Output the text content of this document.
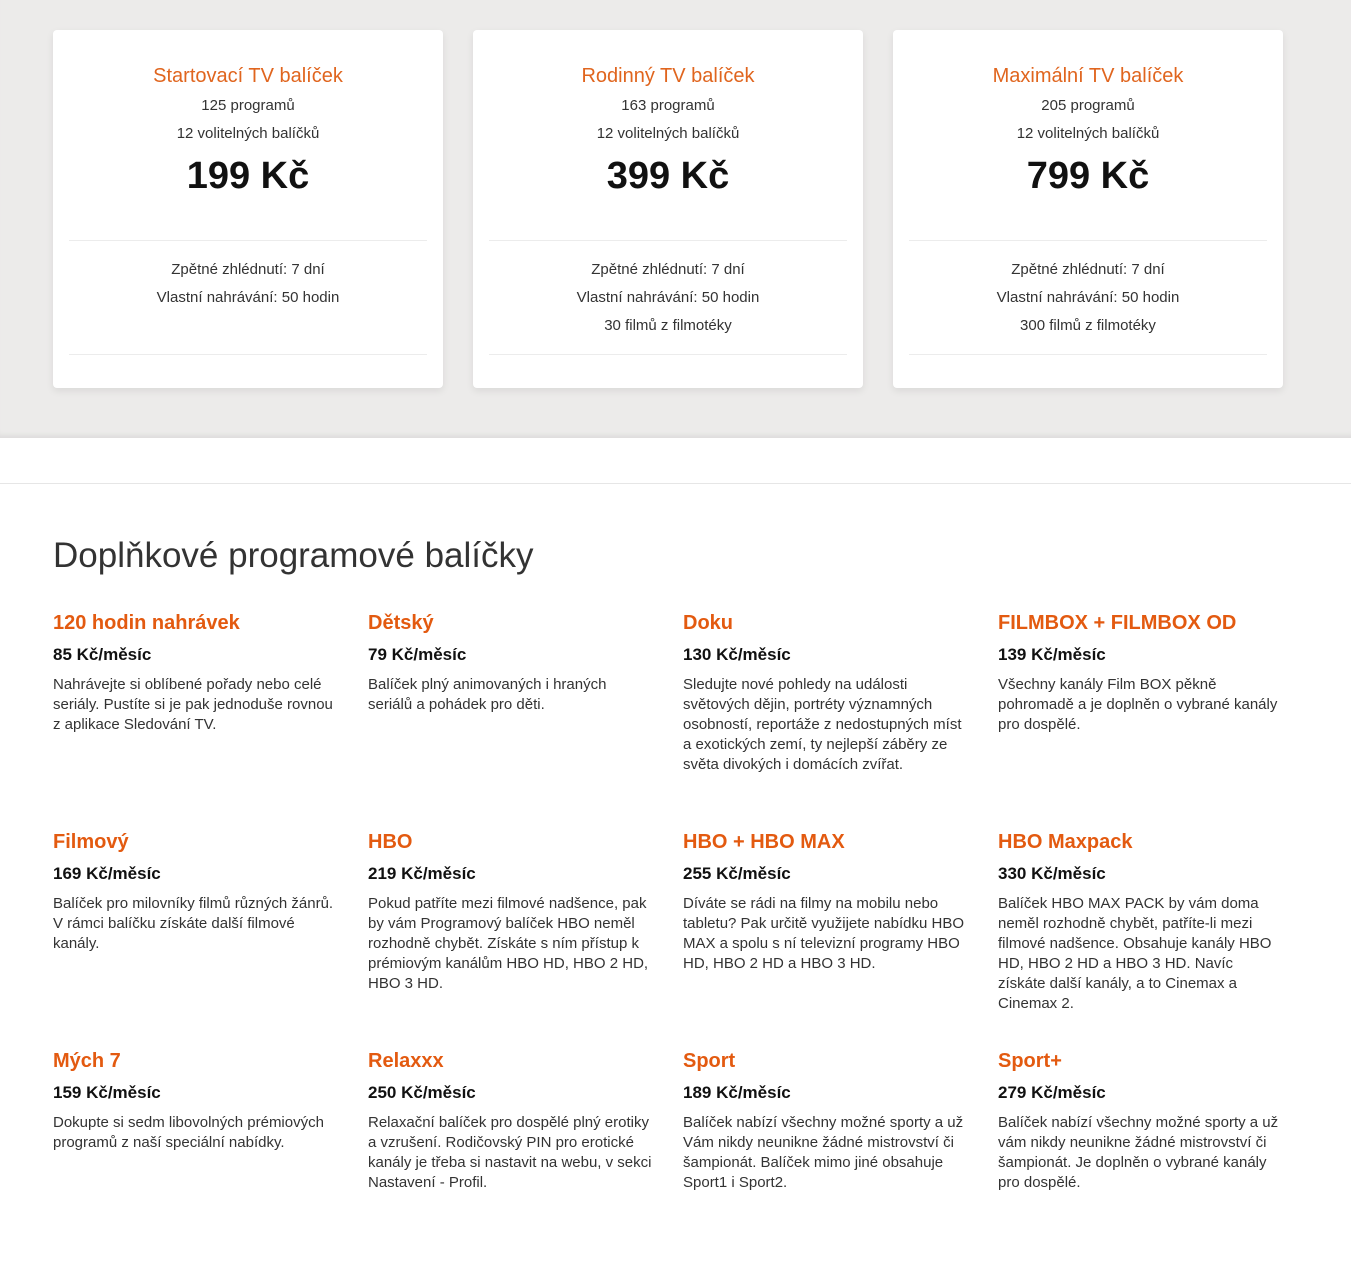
Startovací TV balíček
125 programů
12 volitelných balíčků
199 Kč
Zpětné zhlédnutí: 7 dní
Vlastní nahrávání: 50 hodin
Rodinný TV balíček
163 programů
12 volitelných balíčků
399 Kč
Zpětné zhlédnutí: 7 dní
Vlastní nahrávání: 50 hodin
30 filmů z filmotéky
Maximální TV balíček
205 programů
12 volitelných balíčků
799 Kč
Zpětné zhlédnutí: 7 dní
Vlastní nahrávání: 50 hodin
300 filmů z filmotéky
Doplňkové programové balíčky
120 hodin nahrávek
85 Kč/měsíc
Nahrávejte si oblíbené pořady nebo celé seriály. Pustíte si je pak jednoduše rovnou z aplikace Sledování TV.
Dětský
79 Kč/měsíc
Balíček plný animovaných i hraných seriálů a pohádek pro děti.
Doku
130 Kč/měsíc
Sledujte nové pohledy na události světových dějin, portréty významných osobností, reportáže z nedostupných míst a exotických zemí, ty nejlepší záběry ze světa divokých i domácích zvířat.
FILMBOX + FILMBOX OD
139 Kč/měsíc
Všechny kanály Film BOX pěkně pohromadě a je doplněn o vybrané kanály pro dospělé.
Filmový
169 Kč/měsíc
Balíček pro milovníky filmů různých žánrů. V rámci balíčku získáte další filmové kanály.
HBO
219 Kč/měsíc
Pokud patříte mezi filmové nadšence, pak by vám Programový balíček HBO neměl rozhodně chybět. Získáte s ním přístup k prémiovým kanálům HBO HD, HBO 2 HD, HBO 3 HD.
HBO + HBO MAX
255 Kč/měsíc
Díváte se rádi na filmy na mobilu nebo tabletu? Pak určitě využijete nabídku HBO MAX a spolu s ní televizní programy HBO HD, HBO 2 HD a HBO 3 HD.
HBO Maxpack
330 Kč/měsíc
Balíček HBO MAX PACK by vám doma neměl rozhodně chybět, patříte-li mezi filmové nadšence. Obsahuje kanály HBO HD, HBO 2 HD a HBO 3 HD. Navíc získáte další kanály, a to Cinemax a Cinemax 2.
Mých 7
159 Kč/měsíc
Dokupte si sedm libovolných prémiových programů z naší speciální nabídky.
Relaxxx
250 Kč/měsíc
Relaxační balíček pro dospělé plný erotiky a vzrušení. Rodičovský PIN pro erotické kanály je třeba si nastavit na webu, v sekci Nastavení - Profil.
Sport
189 Kč/měsíc
Balíček nabízí všechny možné sporty a už Vám nikdy neunikne žádné mistrovství či šampionát. Balíček mimo jiné obsahuje Sport1 i Sport2.
Sport+
279 Kč/měsíc
Balíček nabízí všechny možné sporty a už vám nikdy neunikne žádné mistrovství či šampionát. Je doplněn o vybrané kanály pro dospělé.
